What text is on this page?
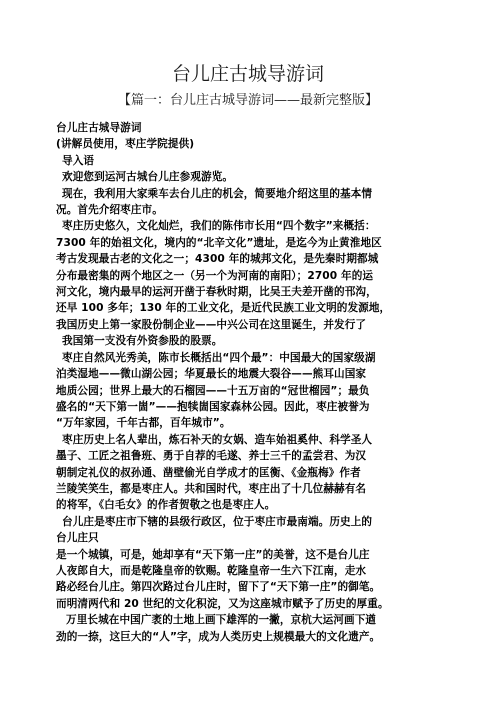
台儿庄古城导游词
【篇一：台儿庄古城导游词——最新完整版】
台儿庄古城导游词
(讲解员使用，枣庄学院提供)
导入语
欢迎您到运河古城台儿庄参观游览。
现在，我利用大家乘车去台儿庄的机会，简要地介绍这里的基本情
况。首先介绍枣庄市。
枣庄历史悠久，文化灿烂，我们的陈伟市长用“四个数字”来概括：
7300 年的始祖文化，境内的“北辛文化”遗址，是迄今为止黄淮地区
考古发现最古老的文化之一；4300 年的城邦文化，是先秦时期都城
分布最密集的两个地区之一（另一个为河南的南阳）；2700 年的运
河文化，境内最早的运河开凿于春秋时期，比吴王夫差开凿的邗沟，
还早 100 多年；130 年的工业文化，是近代民族工业文明的发源地，
我国历史上第一家股份制企业——中兴公司在这里诞生，并发行了
我国第一支没有外资参股的股票。
枣庄自然风光秀美，陈市长概括出“四个最”：中国最大的国家级湖
泊类湿地——微山湖公园；华夏最长的地震大裂谷——熊耳山国家
地质公园；世界上最大的石榴园——十五万亩的“冠世榴园”；最负
盛名的“天下第一崮”——抱犊崮国家森林公园。因此，枣庄被誉为
“万年家园，千年古都，百年城市”。
枣庄历史上名人辈出，炼石补天的女娲、造车始祖奚仲、科学圣人
墨子、工匠之祖鲁班、勇于自荐的毛遂、养士三千的孟尝君、为汉
朝制定礼仪的叔孙通、凿壁偷光自学成才的匡衡、《金瓶梅》作者
兰陵笑笑生，都是枣庄人。共和国时代，枣庄出了十几位赫赫有名
的将军，《白毛女》的作者贺敬之也是枣庄人。
台儿庄是枣庄市下辖的县级行政区，位于枣庄市最南端。历史上的
台儿庄只
是一个城镇，可是，她却享有“天下第一庄”的美誉，这不是台儿庄
人夜郎自大，而是乾隆皇帝的钦赐。乾隆皇帝一生六下江南，走水
路必经台儿庄。第四次路过台儿庄时，留下了“天下第一庄”的御笔。
而明清两代和 20 世纪的文化积淀，又为这座城市赋予了历史的厚重。
万里长城在中国广袤的土地上画下雄浑的一撇，京杭大运河画下遒
劲的一捺，这巨大的“人”字，成为人类历史上规模最大的文化遗产。
